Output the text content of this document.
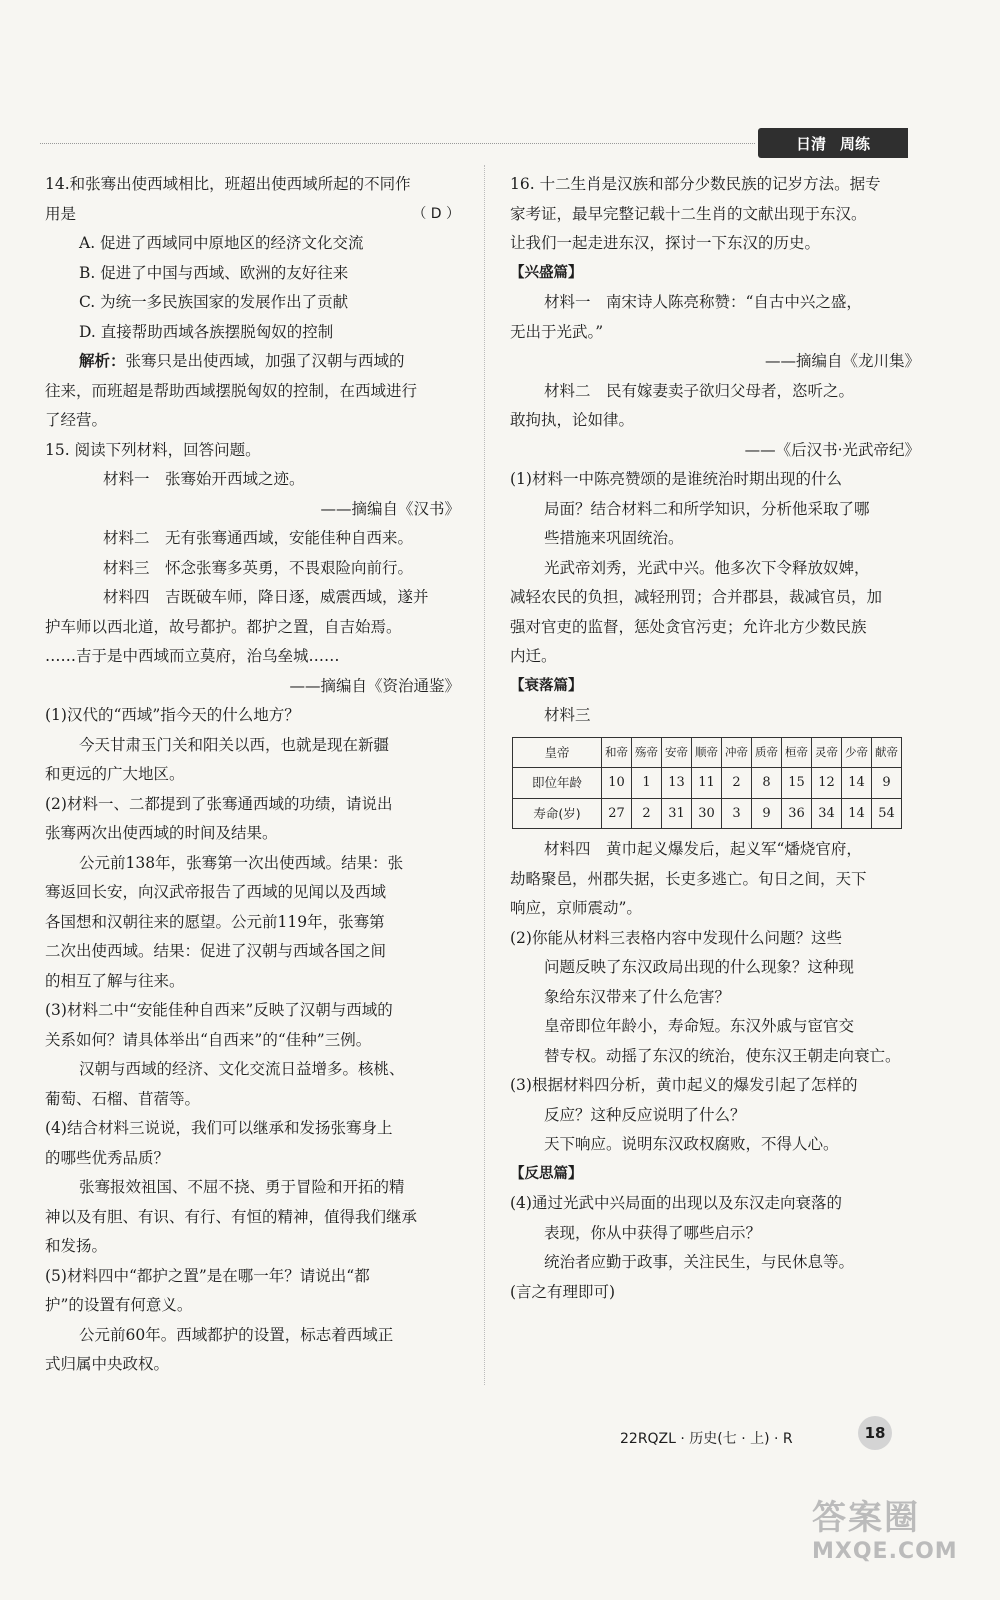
日清 周练

14.和张骞出使西域相比，班超出使西域所起的不同作

用是	（ D ）

A. 促进了西域同中原地区的经济文化交流

B. 促进了中国与西域、欧洲的友好往来

C. 为统一多民族国家的发展作出了贡献

D. 直接帮助西域各族摆脱匈奴的控制

解析：张骞只是出使西域，加强了汉朝与西域的

往来，而班超是帮助西域摆脱匈奴的控制，在西域进行

了经营。

15. 阅读下列材料，回答问题。

材料一　张骞始开西域之迹。

——摘编自《汉书》

材料二　无有张骞通西域，安能佳种自西来。

材料三　怀念张骞多英勇，不畏艰险向前行。

材料四　吉既破车师，降日逐，威震西域，遂并

护车师以西北道，故号都护。都护之置，自吉始焉。

……吉于是中西域而立莫府，治乌垒城……

——摘编自《资治通鉴》

(1)汉代的“西域”指今天的什么地方？

今天甘肃玉门关和阳关以西，也就是现在新疆

和更远的广大地区。

(2)材料一、二都提到了张骞通西域的功绩，请说出

张骞两次出使西域的时间及结果。

公元前138年，张骞第一次出使西域。结果：张

骞返回长安，向汉武帝报告了西域的见闻以及西域

各国想和汉朝往来的愿望。公元前119年，张骞第

二次出使西域。结果：促进了汉朝与西域各国之间

的相互了解与往来。

(3)材料二中“安能佳种自西来”反映了汉朝与西域的

关系如何？请具体举出“自西来”的“佳种”三例。

汉朝与西域的经济、文化交流日益增多。核桃、

葡萄、石榴、苜蓿等。

(4)结合材料三说说，我们可以继承和发扬张骞身上

的哪些优秀品质？

张骞报效祖国、不屈不挠、勇于冒险和开拓的精

神以及有胆、有识、有行、有恒的精神，值得我们继承

和发扬。

(5)材料四中“都护之置”是在哪一年？请说出“都

护”的设置有何意义。

公元前60年。西域都护的设置，标志着西域正

式归属中央政权。

16. 十二生肖是汉族和部分少数民族的记岁方法。据专

家考证，最早完整记载十二生肖的文献出现于东汉。

让我们一起走进东汉，探讨一下东汉的历史。

【兴盛篇】

材料一　南宋诗人陈亮称赞：“自古中兴之盛，

无出于光武。”

——摘编自《龙川集》

材料二　民有嫁妻卖子欲归父母者，恣听之。

敢拘执，论如律。

——《后汉书·光武帝纪》

(1)材料一中陈亮赞颂的是谁统治时期出现的什么

局面？结合材料二和所学知识，分析他采取了哪

些措施来巩固统治。

光武帝刘秀，光武中兴。他多次下令释放奴婢，

减轻农民的负担，减轻刑罚；合并郡县，裁减官员，加

强对官吏的监督，惩处贪官污吏；允许北方少数民族

内迁。

【衰落篇】

材料三

皇帝	和帝	殇帝	安帝	顺帝	冲帝	质帝	桓帝	灵帝	少帝	献帝
即位年龄	10	1	13	11	2	8	15	12	14	9
寿命(岁)	27	2	31	30	3	9	36	34	14	54

材料四　黄巾起义爆发后，起义军“燔烧官府，

劫略聚邑，州郡失据，长吏多逃亡。旬日之间，天下

响应，京师震动”。

(2)你能从材料三表格内容中发现什么问题？这些

问题反映了东汉政局出现的什么现象？这种现

象给东汉带来了什么危害？

皇帝即位年龄小，寿命短。东汉外戚与宦官交

替专权。动摇了东汉的统治，使东汉王朝走向衰亡。

(3)根据材料四分析，黄巾起义的爆发引起了怎样的

反应？这种反应说明了什么？

天下响应。说明东汉政权腐败，不得人心。

【反思篇】

(4)通过光武中兴局面的出现以及东汉走向衰落的

表现，你从中获得了哪些启示？

统治者应勤于政事，关注民生，与民休息等。

(言之有理即可)

22RQZL · 历史(七 · 上) · R	18
答案圈
MXQE.COM
